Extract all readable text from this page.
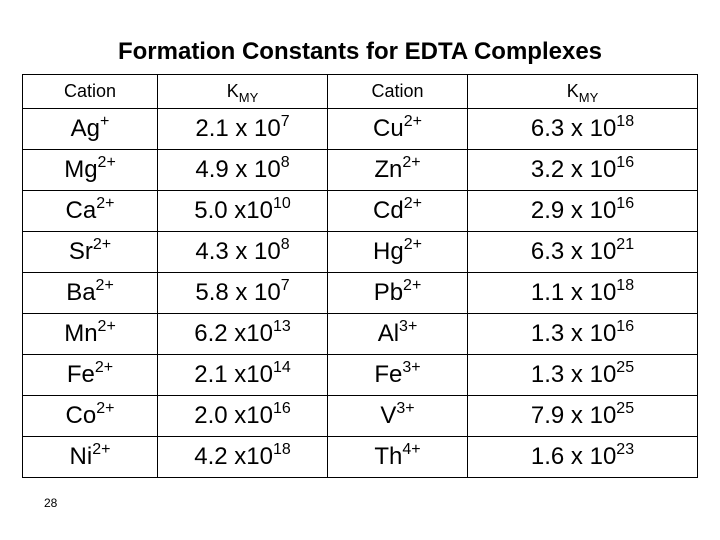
Formation Constants for EDTA Complexes
Cation	$K_{MY}$	Cation	$K_{MY}$
Ag+	2.1 x $10^7$	$Cu^{2+}$	6.3 x $10^{18}$
$Mg^{2+}$	4.9 x $10^8$	$Zn^{2+}$	3.2 x $10^{16}$
$Ca^{2+}$	5.0 $x10^{10}$	$Cd^{2+}$	2.9 x $10^{16}$
$Sr^{2+}$	4.3 x $10^8$	$Hg^{2+}$	6.3 x $10^{21}$
$Ba^{2+}$	5.8 x $10^7$	$Pb^{2+}$	1.1 x $10^{18}$
$Mn^{2+}$	6.2 $x10^{13}$	$Al^{3+}$	1.3 x $10^{16}$
$Fe^{2+}$	2.1 $x10^{14}$	$Fe^{3+}$	1.3 x $10^{25}$
$Co^{2+}$	2.0 $x10^{16}$	$V^{3+}$	7.9 x $10^{25}$
$Ni^{2+}$	4.2 $x10^{18}$	$Th^{4+}$	1.6 x $10^{23}$
28
